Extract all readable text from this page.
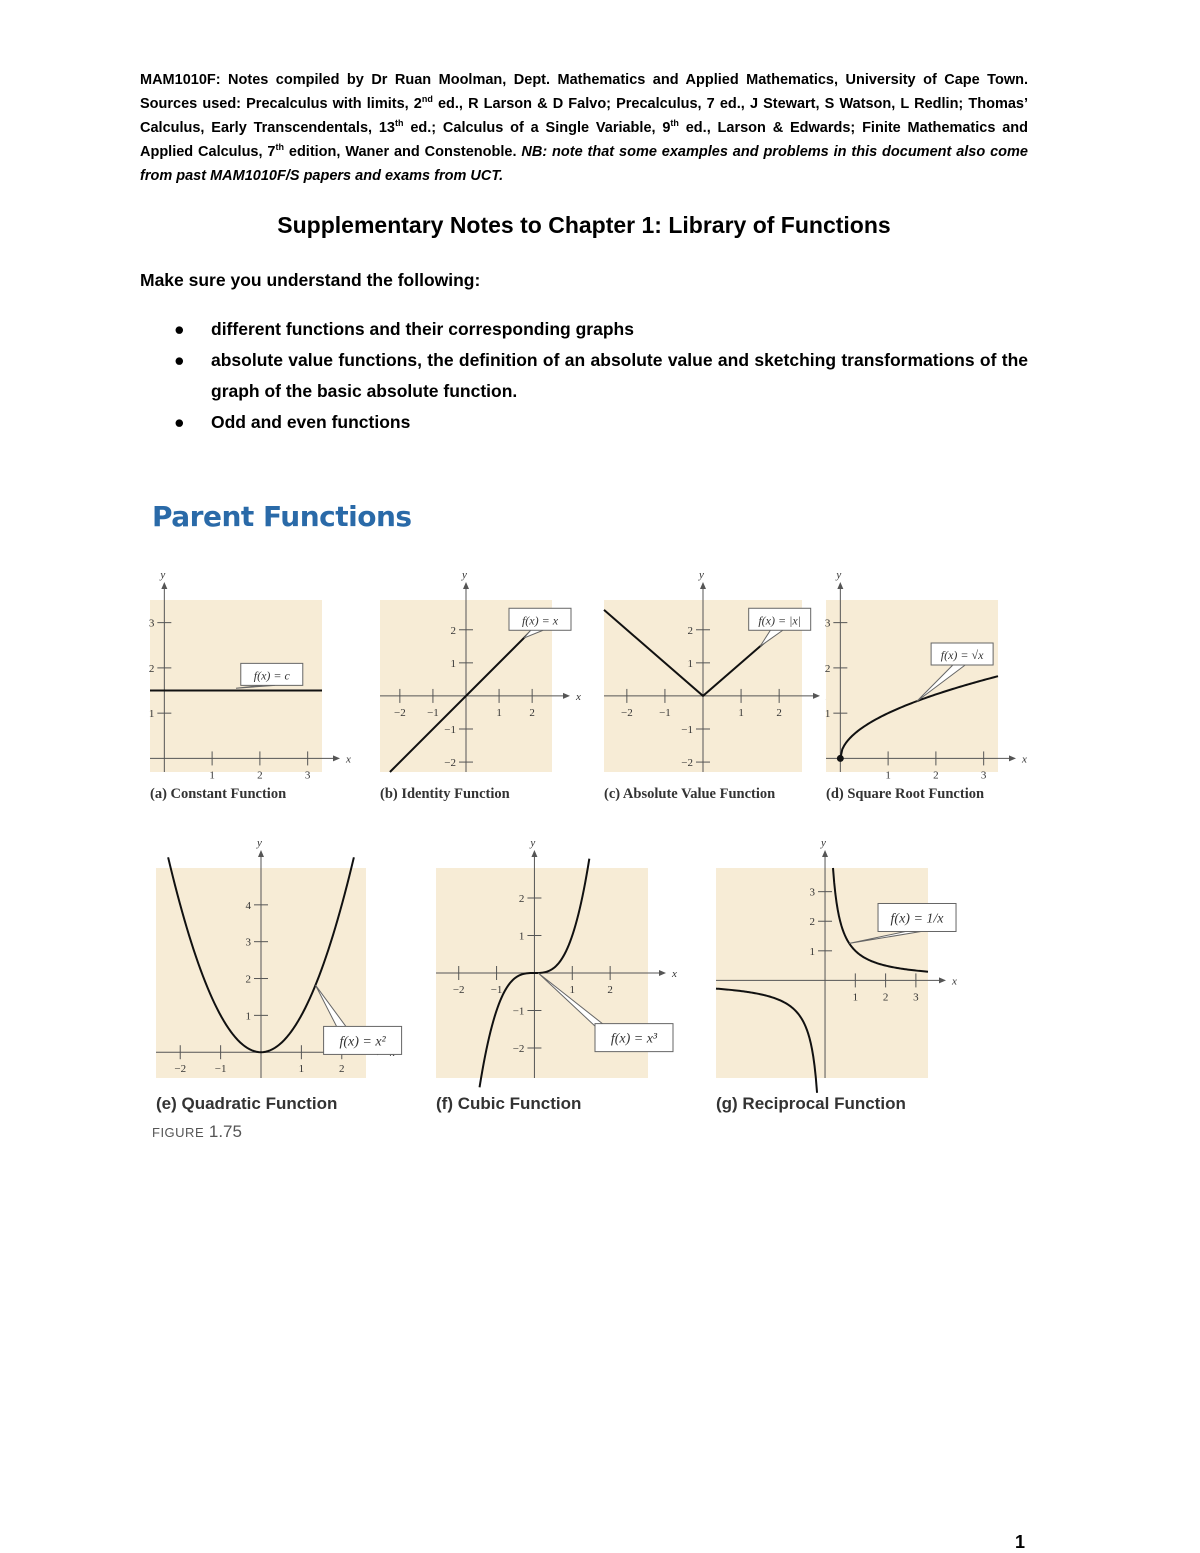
MAM1010F: Notes compiled by Dr Ruan Moolman, Dept. Mathematics and Applied Mathematics, University of Cape Town. Sources used: Precalculus with limits, 2nd ed., R Larson & D Falvo; Precalculus, 7 ed., J Stewart, S Watson, L Redlin; Thomas’ Calculus, Early Transcendentals, 13th ed.; Calculus of a Single Variable, 9th ed., Larson & Edwards; Finite Mathematics and Applied Calculus, 7th edition, Waner and Constenoble. NB: note that some examples and problems in this document also come from past MAM1010F/S papers and exams from UCT.
Supplementary Notes to Chapter 1: Library of Functions
Make sure you understand the following:
● different functions and their corresponding graphs
● absolute value functions, the definition of an absolute value and sketching transformations of the graph of the basic absolute function.
● Odd and even functions
Parent Functions
x
y
1	2	3
1
2
3
f(x) = c
(a) Constant Function
x
y
−2 −1	1	2
−2
−1
1
2
f(x) = x
(b) Identity Function
y
−2 −1	1	2
−2
−1
1
2
f(x) = |x|
(c) Absolute Value Function
x
y
1	2	3
1
2
3
f(x) = √x
(d) Square Root Function
y
−2	−1	1	2
1
2
3
4
f(x) = x²
(e) Quadratic Function
x
y
−2 −1	1	2
−2
−1
1
2
f(x) = x³
(f) Cubic Function
x
y
1 2 3
1
2
3
f(x) = 1/x
(g) Reciprocal Function
FIGURE 1.75
1
